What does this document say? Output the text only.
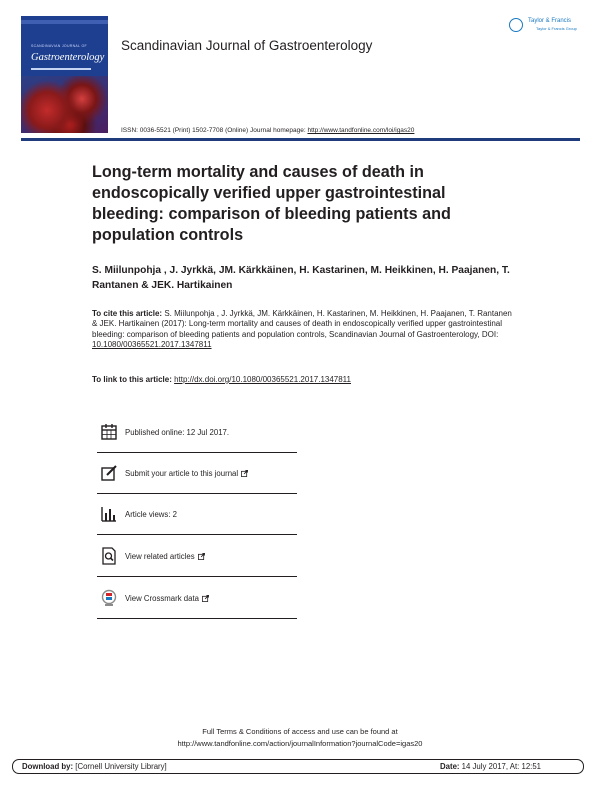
SCANDINAVIAN JOURNAL OF
Gastroenterology
Scandinavian Journal of Gastroenterology
Taylor & Francis
Taylor & Francis Group
ISSN: 0036-5521 (Print) 1502-7708 (Online) Journal homepage: http://www.tandfonline.com/loi/igas20
Long-term mortality and causes of death in endoscopically verified upper gastrointestinal bleeding: comparison of bleeding patients and population controls
S. Miilunpohja , J. Jyrkkä, JM. Kärkkäinen, H. Kastarinen, M. Heikkinen, H. Paajanen, T. Rantanen & JEK. Hartikainen
To cite this article: S. Miilunpohja , J. Jyrkkä, JM. Kärkkäinen, H. Kastarinen, M. Heikkinen, H. Paajanen, T. Rantanen & JEK. Hartikainen (2017): Long-term mortality and causes of death in endoscopically verified upper gastrointestinal bleeding: comparison of bleeding patients and population controls, Scandinavian Journal of Gastroenterology, DOI: 10.1080/00365521.2017.1347811
To link to this article: http://dx.doi.org/10.1080/00365521.2017.1347811
Published online: 12 Jul 2017.
Submit your article to this journal
Article views: 2
View related articles
View Crossmark data
Full Terms & Conditions of access and use can be found at
http://www.tandfonline.com/action/journalInformation?journalCode=igas20
Download by: [Cornell University Library]	Date: 14 July 2017, At: 12:51
